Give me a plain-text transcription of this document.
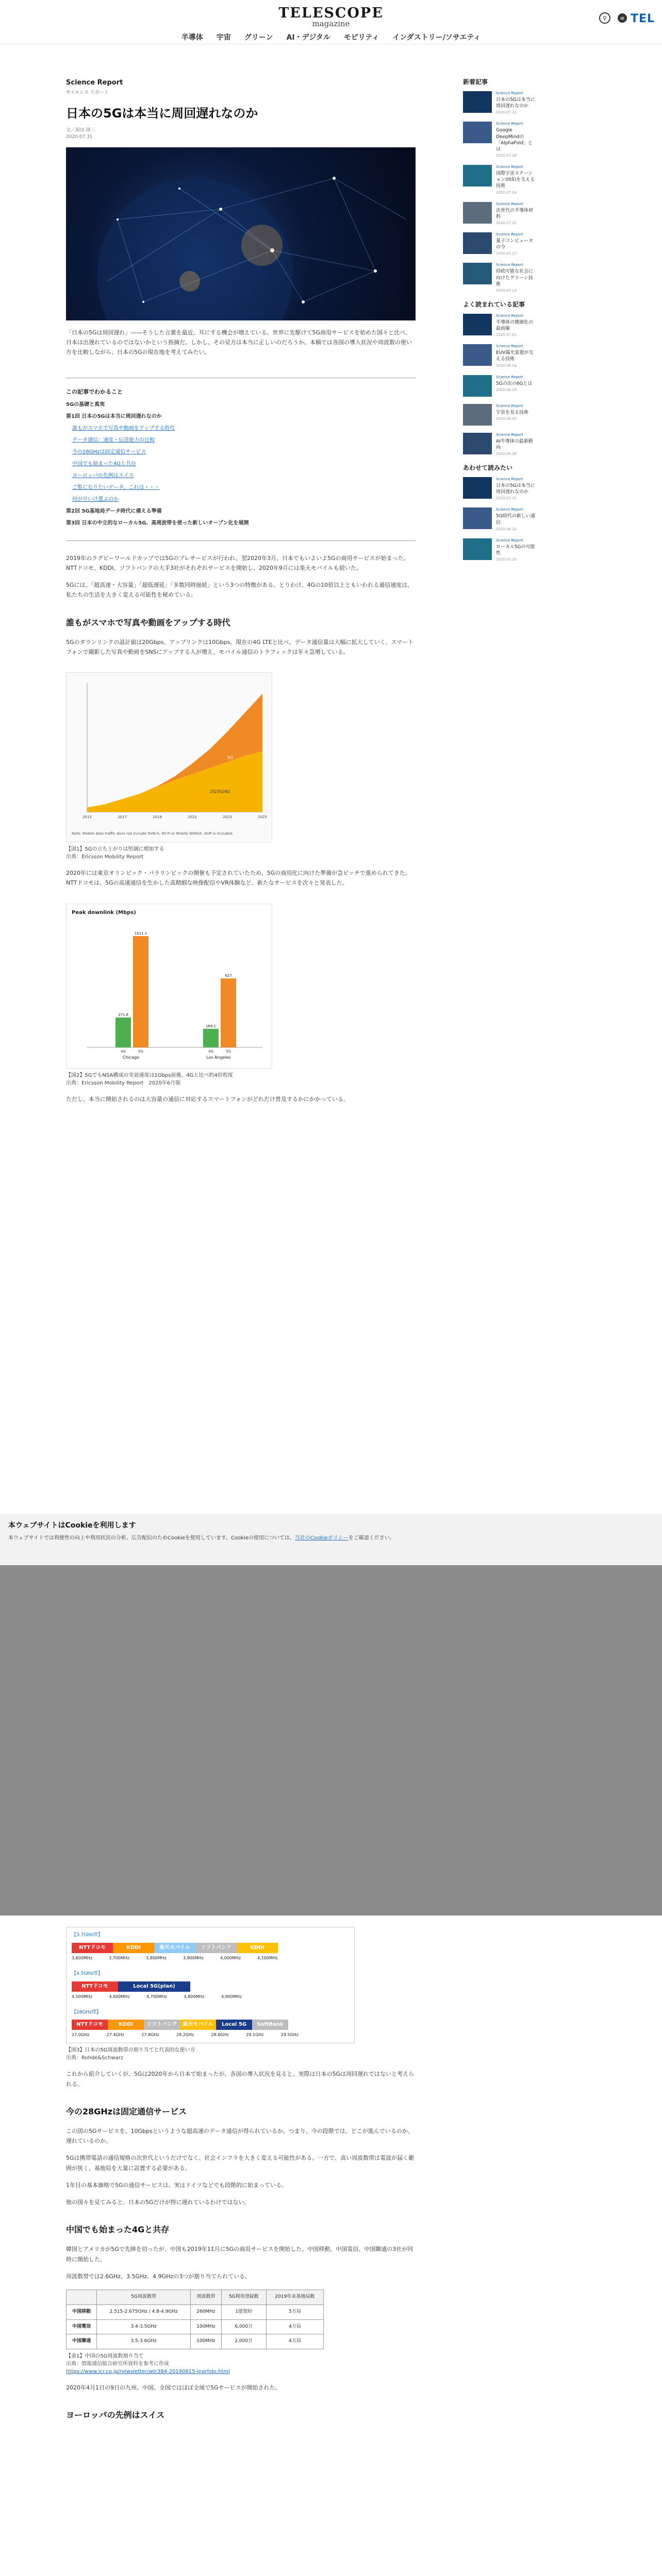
TELESCOPE
magazine
半導体 宇宙 グリーン AI・デジタル モビリティ インダストリー/ソサエティ
⚲	≡ TEL
Science Report
サイエンス リポート
日本の5Gは本当に周回遅れなのか
文／湯田 隆三
2020.07.31

「日本の5Gは周回遅れ」——そうした言葉を最近、耳にする機会が増えている。世界に先駆けて5G商用サービスを始めた国々と比べ、日本は出遅れているのではないかという指摘だ。しかし、その見方は本当に正しいのだろうか。本稿では各国の導入状況や周波数の使い方を比較しながら、日本の5Gの現在地を考えてみたい。

この記事でわかること
5Gの基礎と真実
第1回 日本の5Gは本当に周回遅れなのか
誰もがスマホで写真や動画をアップする時代
データ通信：速度・伝送能力の比較
今の28GHzは固定通信サービス
中国でも始まった4Gと共存
ヨーロッパの先例はスイス
ご覧になりたいデータ、これは・・・
何が早いけ選ぶのか
第2回 5G基地局データ時代に備える準備
第3回 日本の中立的なローカル5G、高周波帯を使った新しいオープン化を展開

2019年のラグビーワールドカップでは5Gのプレサービスが行われ、翌2020年3月、日本でもいよいよ5Gの商用サービスが始まった。NTTドコモ、KDDI、ソフトバンクの大手3社がそれぞれサービスを開始し、2020年9月には楽天モバイルも続いた。

5Gには、「超高速・大容量」「超低遅延」「多数同時接続」という3つの特徴がある。とりわけ、4Gの10倍以上ともいわれる通信速度は、私たちの生活を大きく変える可能性を秘めている。

誰もがスマホで写真や動画をアップする時代

5Gのダウンリンクの設計値は20Gbps、アップリンクは10Gbps。現在の4G LTEと比べ、データ通信量は大幅に拡大していく。スマートフォンで撮影した写真や動画をSNSにアップする人が増え、モバイル通信のトラフィックは年々急増している。

2015	2017	2019	2021	2023	2025
5G
2G/3G/4G
Note: Mobile data traffic does not include DVB-H, Wi-Fi or Mobile WiMAX. VoIP is included.
【図1】5Gの立ち上がりは堅調に増加する
出典：Ericsson Mobility Report

2020年には東京オリンピック・パラリンピックの開催も予定されていたため、5Gの商用化に向けた準備が急ピッチで進められてきた。NTTドコモは、5Gの高速通信を生かした高精細な映像配信やVR体験など、新たなサービスを次々と発表した。

Peak downlink (Mbps)
271.6
4G
1011.1
5G
Chicago
169.1
4G
627
5G
Los Angeles
【図2】5GでもNSA構成の実効速度は1Gbps前後、4Gと比べ約4倍程度
出典：Ericsson Mobility Report　2020年6月版

ただし、本当に開始されるのは大容量の通信に対応するスマートフォンがどれだけ普及するかにかかっている。

本ウェブサイトはCookieを利用します
本ウェブサイトでは利便性の向上や利用状況の分析、広告配信のためCookieを使用しています。Cookieの使用については、当社のCookieポリシーをご確認ください。
【3.7GHz帯】
NTTドコモ	KDDI	楽天モバイル	ソフトバンク	KDDI
3,600MHz	3,700MHz	3,800MHz	3,900MHz	4,000MHz	4,100MHz
【4.5GHz帯】
NTTドコモ	Local 5G(plan)
4,500MHz	4,600MHz	4,700MHz	4,800MHz	4,900MHz
【28GHz帯】
NTTドコモ	KDDI	ソフトバンク	楽天モバイル	Local 5G	SoftBank
27.0GHz	27.4GHz	27.8GHz	28.2GHz	28.6GHz	29.1GHz	29.5GHz
【図3】日本の5G周波数帯の割り当てと代表的な使い方
出典：Rohde&Schwarz

これから紹介していくが、5Gは2020年から日本で始まったが、各国の導入状況を見ると、実際は日本の5Gは周回遅れではないと考えられる。

今の28GHzは固定通信サービス

この図の5Gサービスを、10Gbpsというような超高速のデータ通信が得られているか。つまり、今の段階では、どこが進んでいるのか。遅れているのか。

5Gは携帯電話の通信規格の次世代というだけでなく、社会インフラを大きく変える可能性がある。一方で、高い周波数帯は電波が届く範囲が狭く、基地局を大量に設置する必要がある。

1年目の基本価格で5Gの通信サービスは、実はドイツなどでも段階的に始まっている。

他の国々を見てみると、日本の5Gだけが特に遅れているわけではない。

中国でも始まった4Gと共存

韓国とアメリカが5Gで先陣を切ったが、中国も2019年11月に5Gの商用サービスを開始した。中国移動、中国電信、中国聯通の3社が同時に開始した。

周波数帯では2.6GHz、3.5GHz、4.9GHzの3つが割り当てられている。

	5G周波数帯	周波数帯	5G利用登録数	2019年末基地局数
中国移動	2.515-2.675GHz / 4.8-4.9GHz	260MHz	1億契約	5万局
中国電信	3.4-3.5GHz	100MHz	6,000万	4万局
中国聯通	3.5-3.6GHz	100MHz	2,000万	4万局
【表1】中国の5G周波数割り当て
出典：情報通信総合研究所資料を参考に作成
https://www.icr.co.jp/newsletter/wtr384-20190815-inarfolo.html

2020年4月1日の9日の九州、中国、全国ではほぼ全域で5Gサービスが開始された。

ヨーロッパの先例はスイス
新着記事
Science Report
日本の5Gは本当に周回遅れなのか
2020.07.31
Science Report
Google DeepMindの「AlphaFold」とは
2020.07.28
Science Report
国際宇宙ステーション(ISS)を支える技術
2020.07.24
Science Report
次世代の半導体材料
2020.07.21
Science Report
量子コンピュータの今
2020.07.17
Science Report
持続可能な社会に向けたグリーン技術
2020.07.14
よく読まれている記事
Science Report
半導体の微細化の最前線
2020.07.01
Science Report
EUV露光装置が支える技術
2020.06.24
Science Report
5Gの次の6Gとは
2020.06.16
Science Report
宇宙を見る技術
2020.06.02
Science Report
AI半導体の最新動向
2020.05.26
あわせて読みたい
Science Report
日本の5Gは本当に周回遅れなのか
2020.07.31
Science Report
5G時代の新しい通信
2020.06.10
Science Report
ローカル5Gの可能性
2020.05.20
